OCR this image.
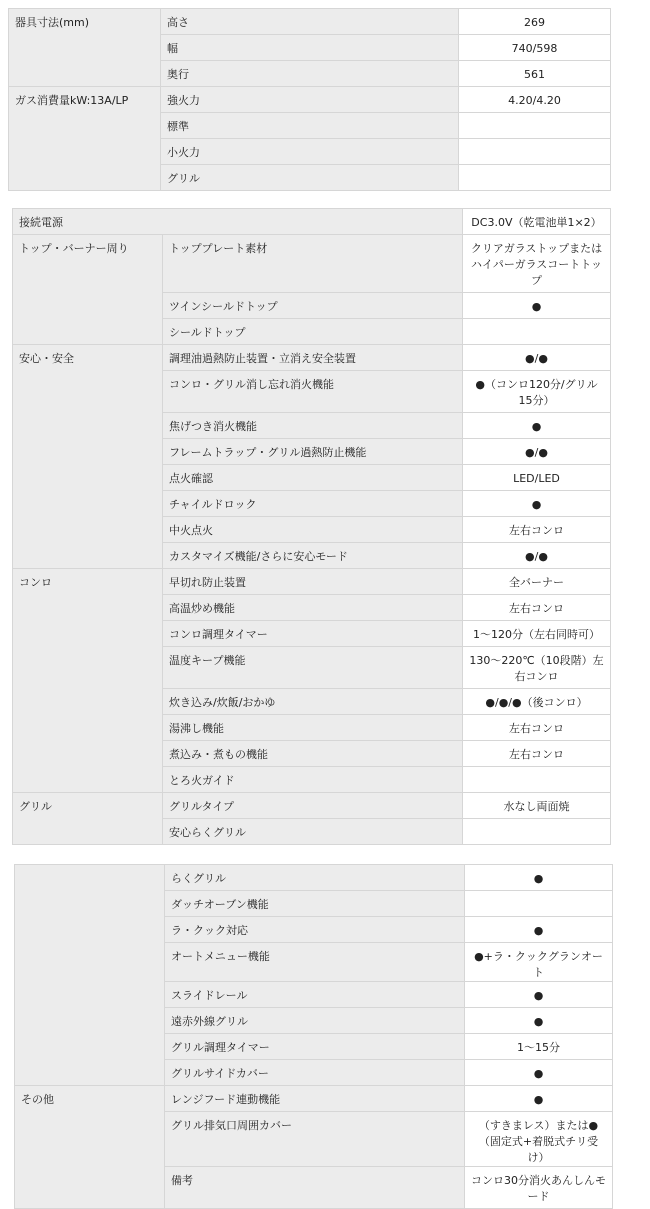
器具寸法(mm)	高さ	269
	幅	740/598
	奥行	561
ガス消費量kW:13A/LP	強火力	4.20/4.20
	標準	
	小火力	
	グリル	
接続電源		DC3.0V（乾電池単1×2）
トップ・バーナー周り	トッププレート素材	クリアガラストップまたはハイパーガラスコートトップ
	ツインシールドトップ	●
	シールドトップ	
安心・安全	調理油過熱防止装置・立消え安全装置	●/●
	コンロ・グリル消し忘れ消火機能	●（コンロ120分/グリル15分）
	焦げつき消火機能	●
	フレームトラップ・グリル過熱防止機能	●/●
	点火確認	LED/LED
	チャイルドロック	●
	中火点火	左右コンロ
	カスタマイズ機能/さらに安心モード	●/●
コンロ	早切れ防止装置	全バーナー
	高温炒め機能	左右コンロ
	コンロ調理タイマー	1～120分（左右同時可）
	温度キープ機能	130～220℃（10段階）左右コンロ
	炊き込み/炊飯/おかゆ	●/●/●（後コンロ）
	湯沸し機能	左右コンロ
	煮込み・煮もの機能	左右コンロ
	とろ火ガイド	
グリル	グリルタイプ	水なし両面焼
	安心らくグリル	
	らくグリル	●
	ダッチオーブン機能	
	ラ・クック対応	●
	オートメニュー機能	●+ラ・クックグランオート
	スライドレール	●
	遠赤外線グリル	●
	グリル調理タイマー	1～15分
	グリルサイドカバー	●
その他	レンジフード連動機能	●
	グリル排気口周囲カバー	（すきまレス）または●（固定式+着脱式チリ受け）
	備考	コンロ30分消火あんしんモード
